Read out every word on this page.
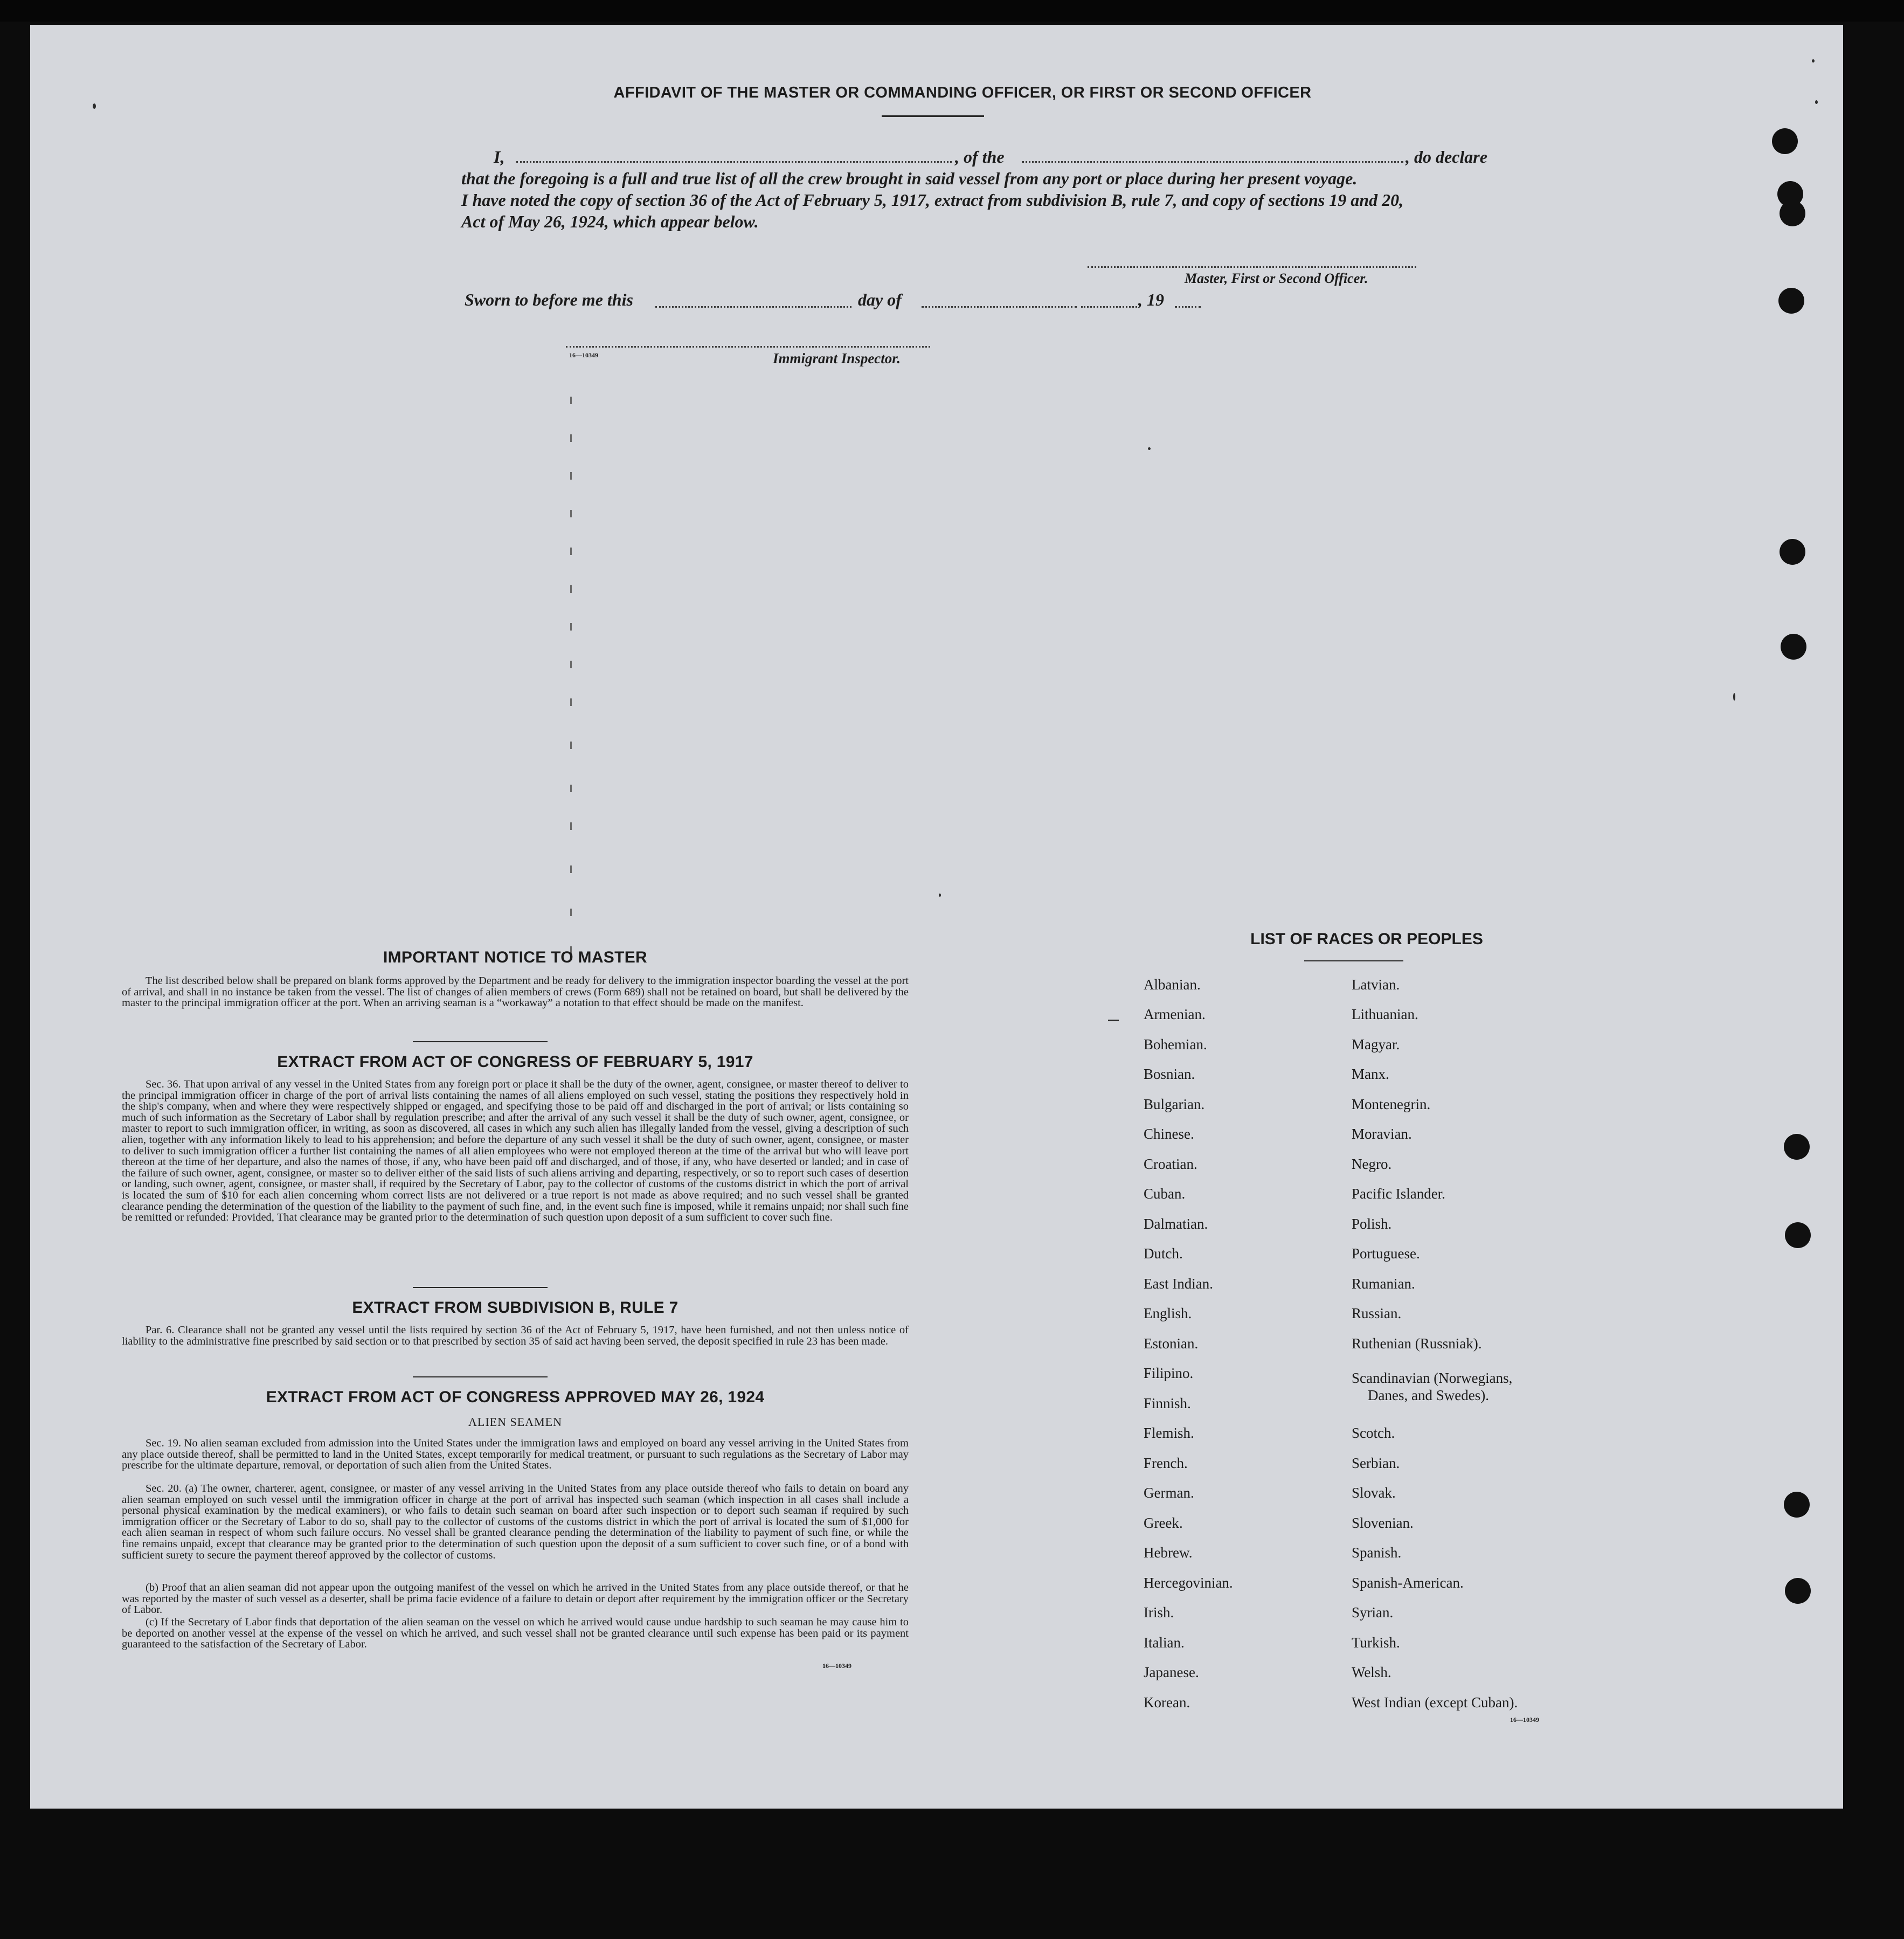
AFFIDAVIT OF THE MASTER OR COMMANDING OFFICER, OR FIRST OR SECOND OFFICER
I,	, of the	, do declare
that the foregoing is a full and true list of all the crew brought in said vessel from any port or place during her present voyage.
I have noted the copy of section 36 of the Act of February 5, 1917, extract from subdivision B, rule 7, and copy of sections 19 and 20,
Act of May 26, 1924, which appear below.
Master, First or Second Officer.
Sworn to before me this	day of	, 19
16—10349	Immigrant Inspector.
IMPORTANT NOTICE TO MASTER
The list described below shall be prepared on blank forms approved by the Department and be ready for delivery to the immigration inspector boarding the vessel at the port of arrival, and shall in no instance be taken from the vessel. The list of changes of alien members of crews (Form 689) shall not be retained on board, but shall be delivered by the master to the principal immigration officer at the port. When an arriving seaman is a “workaway” a notation to that effect should be made on the manifest.
EXTRACT FROM ACT OF CONGRESS OF FEBRUARY 5, 1917
Sec. 36. That upon arrival of any vessel in the United States from any foreign port or place it shall be the duty of the owner, agent, consignee, or master thereof to deliver to the principal immigration officer in charge of the port of arrival lists containing the names of all aliens employed on such vessel, stating the positions they respectively hold in the ship's company, when and where they were respectively shipped or engaged, and specifying those to be paid off and discharged in the port of arrival; or lists containing so much of such information as the Secretary of Labor shall by regulation prescribe; and after the arrival of any such vessel it shall be the duty of such owner, agent, consignee, or master to report to such immigration officer, in writing, as soon as discovered, all cases in which any such alien has illegally landed from the vessel, giving a description of such alien, together with any information likely to lead to his apprehension; and before the departure of any such vessel it shall be the duty of such owner, agent, consignee, or master to deliver to such immigration officer a further list containing the names of all alien employees who were not employed thereon at the time of the arrival but who will leave port thereon at the time of her departure, and also the names of those, if any, who have been paid off and discharged, and of those, if any, who have deserted or landed; and in case of the failure of such owner, agent, consignee, or master so to deliver either of the said lists of such aliens arriving and departing, respectively, or so to report such cases of desertion or landing, such owner, agent, consignee, or master shall, if required by the Secretary of Labor, pay to the collector of customs of the customs district in which the port of arrival is located the sum of $10 for each alien concerning whom correct lists are not delivered or a true report is not made as above required; and no such vessel shall be granted clearance pending the determination of the question of the liability to the payment of such fine, and, in the event such fine is imposed, while it remains unpaid; nor shall such fine be remitted or refunded: Provided, That clearance may be granted prior to the determination of such question upon deposit of a sum sufficient to cover such fine.
EXTRACT FROM SUBDIVISION B, RULE 7
Par. 6. Clearance shall not be granted any vessel until the lists required by section 36 of the Act of February 5, 1917, have been furnished, and not then unless notice of liability to the administrative fine prescribed by said section or to that prescribed by section 35 of said act having been served, the deposit specified in rule 23 has been made.
EXTRACT FROM ACT OF CONGRESS APPROVED MAY 26, 1924
ALIEN SEAMEN
Sec. 19. No alien seaman excluded from admission into the United States under the immigration laws and employed on board any vessel arriving in the United States from any place outside thereof, shall be permitted to land in the United States, except temporarily for medical treatment, or pursuant to such regulations as the Secretary of Labor may prescribe for the ultimate departure, removal, or deportation of such alien from the United States.
Sec. 20. (a) The owner, charterer, agent, consignee, or master of any vessel arriving in the United States from any place outside thereof who fails to detain on board any alien seaman employed on such vessel until the immigration officer in charge at the port of arrival has inspected such seaman (which inspection in all cases shall include a personal physical examination by the medical examiners), or who fails to detain such seaman on board after such inspection or to deport such seaman if required by such immigration officer or the Secretary of Labor to do so, shall pay to the collector of customs of the customs district in which the port of arrival is located the sum of $1,000 for each alien seaman in respect of whom such failure occurs. No vessel shall be granted clearance pending the determination of the liability to payment of such fine, or while the fine remains unpaid, except that clearance may be granted prior to the determination of such question upon the deposit of a sum sufficient to cover such fine, or of a bond with sufficient surety to secure the payment thereof approved by the collector of customs.
(b) Proof that an alien seaman did not appear upon the outgoing manifest of the vessel on which he arrived in the United States from any place outside thereof, or that he was reported by the master of such vessel as a deserter, shall be prima facie evidence of a failure to detain or deport after requirement by the immigration officer or the Secretary of Labor.
(c) If the Secretary of Labor finds that deportation of the alien seaman on the vessel on which he arrived would cause undue hardship to such seaman he may cause him to be deported on another vessel at the expense of the vessel on which he arrived, and such vessel shall not be granted clearance until such expense has been paid or its payment guaranteed to the satisfaction of the Secretary of Labor.
16—10349
LIST OF RACES OR PEOPLES
Albanian.
Armenian.
Bohemian.
Bosnian.
Bulgarian.
Chinese.
Croatian.
Cuban.
Dalmatian.
Dutch.
East Indian.
English.
Estonian.
Filipino.
Finnish.
Flemish.
French.
German.
Greek.
Hebrew.
Hercegovinian.
Irish.
Italian.
Japanese.
Korean.
Latvian.
Lithuanian.
Magyar.
Manx.
Montenegrin.
Moravian.
Negro.
Pacific Islander.
Polish.
Portuguese.
Rumanian.
Russian.
Ruthenian (Russniak).
Scandinavian (Norwegians,
Danes, and Swedes).
Scotch.
Serbian.
Slovak.
Slovenian.
Spanish.
Spanish-American.
Syrian.
Turkish.
Welsh.
West Indian (except Cuban).
16—10349
